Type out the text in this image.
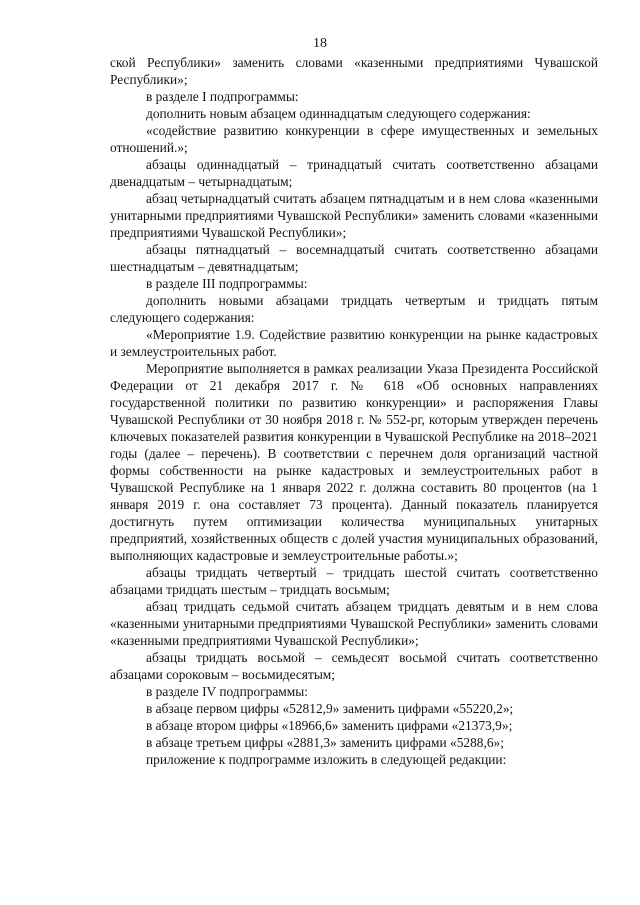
18

ской Республики» заменить словами «казенными предприятиями Чувашской Республики»;

в разделе I подпрограммы:

дополнить новым абзацем одиннадцатым следующего содержания:

«содействие развитию конкуренции в сфере имущественных и земельных отношений.»;

абзацы одиннадцатый – тринадцатый считать соответственно абзацами двенадцатым – четырнадцатым;

абзац четырнадцатый считать абзацем пятнадцатым и в нем слова «казенными унитарными предприятиями Чувашской Республики» заменить словами «казенными предприятиями Чувашской Республики»;

абзацы пятнадцатый – восемнадцатый считать соответственно абзацами шестнадцатым – девятнадцатым;

в разделе III подпрограммы:

дополнить новыми абзацами тридцать четвертым и тридцать пятым следующего содержания:

«Мероприятие 1.9. Содействие развитию конкуренции на рынке кадастровых и землеустроительных работ.

Мероприятие выполняется в рамках реализации Указа Президента Российской Федерации от 21 декабря 2017 г. № 618 «Об основных направлениях государственной политики по развитию конкуренции» и распоряжения Главы Чувашской Республики от 30 ноября 2018 г. № 552-рг, которым утвержден перечень ключевых показателей развития конкуренции в Чувашской Республике на 2018–2021 годы (далее – перечень). В соответствии с перечнем доля организаций частной формы собственности на рынке кадастровых и землеустроительных работ в Чувашской Республике на 1 января 2022 г. должна составить 80 процентов (на 1 января 2019 г. она составляет 73 процента). Данный показатель планируется достигнуть путем оптимизации количества муниципальных унитарных предприятий, хозяйственных обществ с долей участия муниципальных образований, выполняющих кадастровые и землеустроительные работы.»;

абзацы тридцать четвертый – тридцать шестой считать соответственно абзацами тридцать шестым – тридцать восьмым;

абзац тридцать седьмой считать абзацем тридцать девятым и в нем слова «казенными унитарными предприятиями Чувашской Республики» заменить словами «казенными предприятиями Чувашской Республики»;

абзацы тридцать восьмой – семьдесят восьмой считать соответственно абзацами сороковым – восьмидесятым;

в разделе IV подпрограммы:

в абзаце первом цифры «52812,9» заменить цифрами «55220,2»;

в абзаце втором цифры «18966,6» заменить цифрами «21373,9»;

в абзаце третьем цифры «2881,3» заменить цифрами «5288,6»;

приложение к подпрограмме изложить в следующей редакции:
